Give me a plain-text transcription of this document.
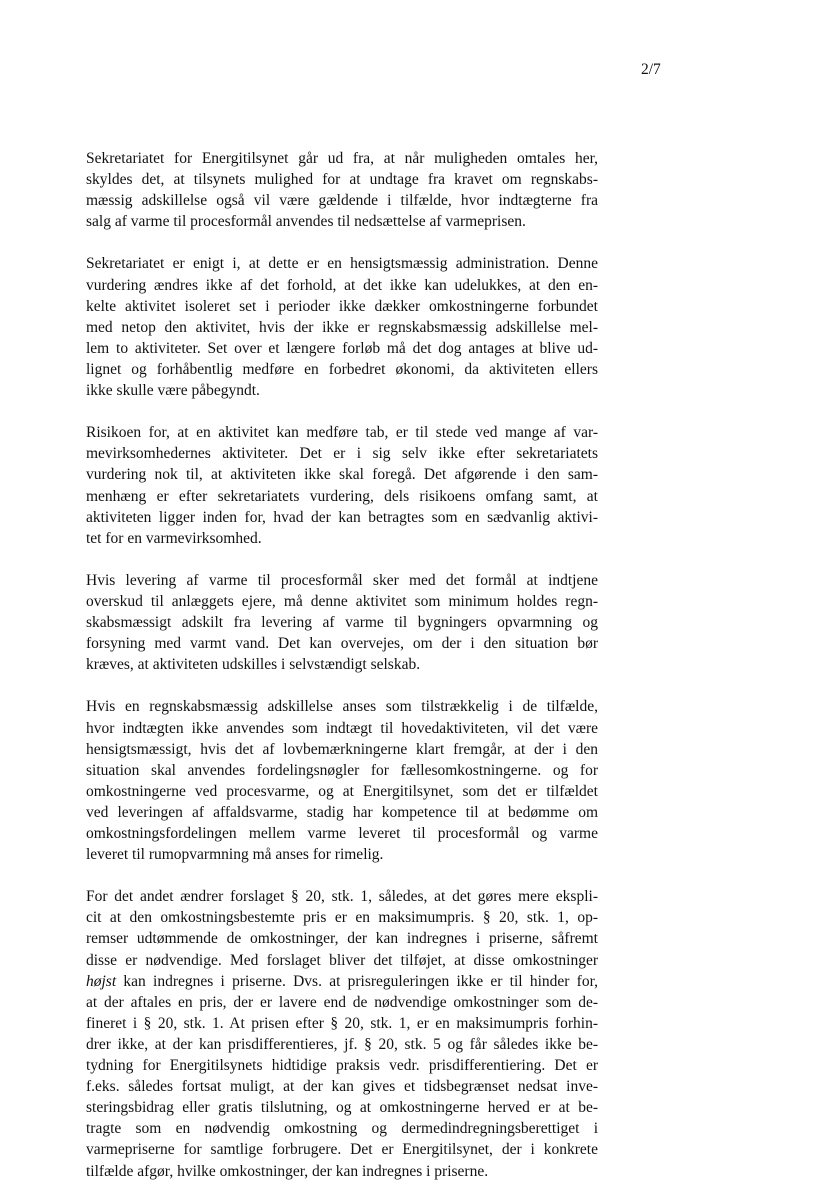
2/7

Sekretariatet for Energitilsynet går ud fra, at når muligheden omtales her,
skyldes det, at tilsynets mulighed for at undtage fra kravet om regnskabs-
mæssig adskillelse også vil være gældende i tilfælde, hvor indtægterne fra
salg af varme til procesformål anvendes til nedsættelse af varmeprisen.

Sekretariatet er enigt i, at dette er en hensigtsmæssig administration. Denne
vurdering ændres ikke af det forhold, at det ikke kan udelukkes, at den en-
kelte aktivitet isoleret set i perioder ikke dækker omkostningerne forbundet
med netop den aktivitet, hvis der ikke er regnskabsmæssig adskillelse mel-
lem to aktiviteter. Set over et længere forløb må det dog antages at blive ud-
lignet og forhåbentlig medføre en forbedret økonomi, da aktiviteten ellers
ikke skulle være påbegyndt.

Risikoen for, at en aktivitet kan medføre tab, er til stede ved mange af var-
mevirksomhedernes aktiviteter. Det er i sig selv ikke efter sekretariatets
vurdering nok til, at aktiviteten ikke skal foregå. Det afgørende i den sam-
menhæng er efter sekretariatets vurdering, dels risikoens omfang samt, at
aktiviteten ligger inden for, hvad der kan betragtes som en sædvanlig aktivi-
tet for en varmevirksomhed.

Hvis levering af varme til procesformål sker med det formål at indtjene
overskud til anlæggets ejere, må denne aktivitet som minimum holdes regn-
skabsmæssigt adskilt fra levering af varme til bygningers opvarmning og
forsyning med varmt vand. Det kan overvejes, om der i den situation bør
kræves, at aktiviteten udskilles i selvstændigt selskab.

Hvis en regnskabsmæssig adskillelse anses som tilstrækkelig i de tilfælde,
hvor indtægten ikke anvendes som indtægt til hovedaktiviteten, vil det være
hensigtsmæssigt, hvis det af lovbemærkningerne klart fremgår, at der i den
situation skal anvendes fordelingsnøgler for fællesomkostningerne. og for
omkostningerne ved procesvarme, og at Energitilsynet, som det er tilfældet
ved leveringen af affaldsvarme, stadig har kompetence til at bedømme om
omkostningsfordelingen mellem varme leveret til procesformål og varme
leveret til rumopvarmning må anses for rimelig.

For det andet ændrer forslaget § 20, stk. 1, således, at det gøres mere ekspli-
cit at den omkostningsbestemte pris er en maksimumpris. § 20, stk. 1, op-
remser udtømmende de omkostninger, der kan indregnes i priserne, såfremt
disse er nødvendige. Med forslaget bliver det tilføjet, at disse omkostninger
højst kan indregnes i priserne. Dvs. at prisreguleringen ikke er til hinder for,
at der aftales en pris, der er lavere end de nødvendige omkostninger som de-
fineret i § 20, stk. 1. At prisen efter § 20, stk. 1, er en maksimumpris forhin-
drer ikke, at der kan prisdifferentieres, jf. § 20, stk. 5 og får således ikke be-
tydning for Energitilsynets hidtidige praksis vedr. prisdifferentiering. Det er
f.eks. således fortsat muligt, at der kan gives et tidsbegrænset nedsat inve-
steringsbidrag eller gratis tilslutning, og at omkostningerne herved er at be-
tragte som en nødvendig omkostning og dermedindregningsberettiget i
varmepriserne for samtlige forbrugere. Det er Energitilsynet, der i konkrete
tilfælde afgør, hvilke omkostninger, der kan indregnes i priserne.
